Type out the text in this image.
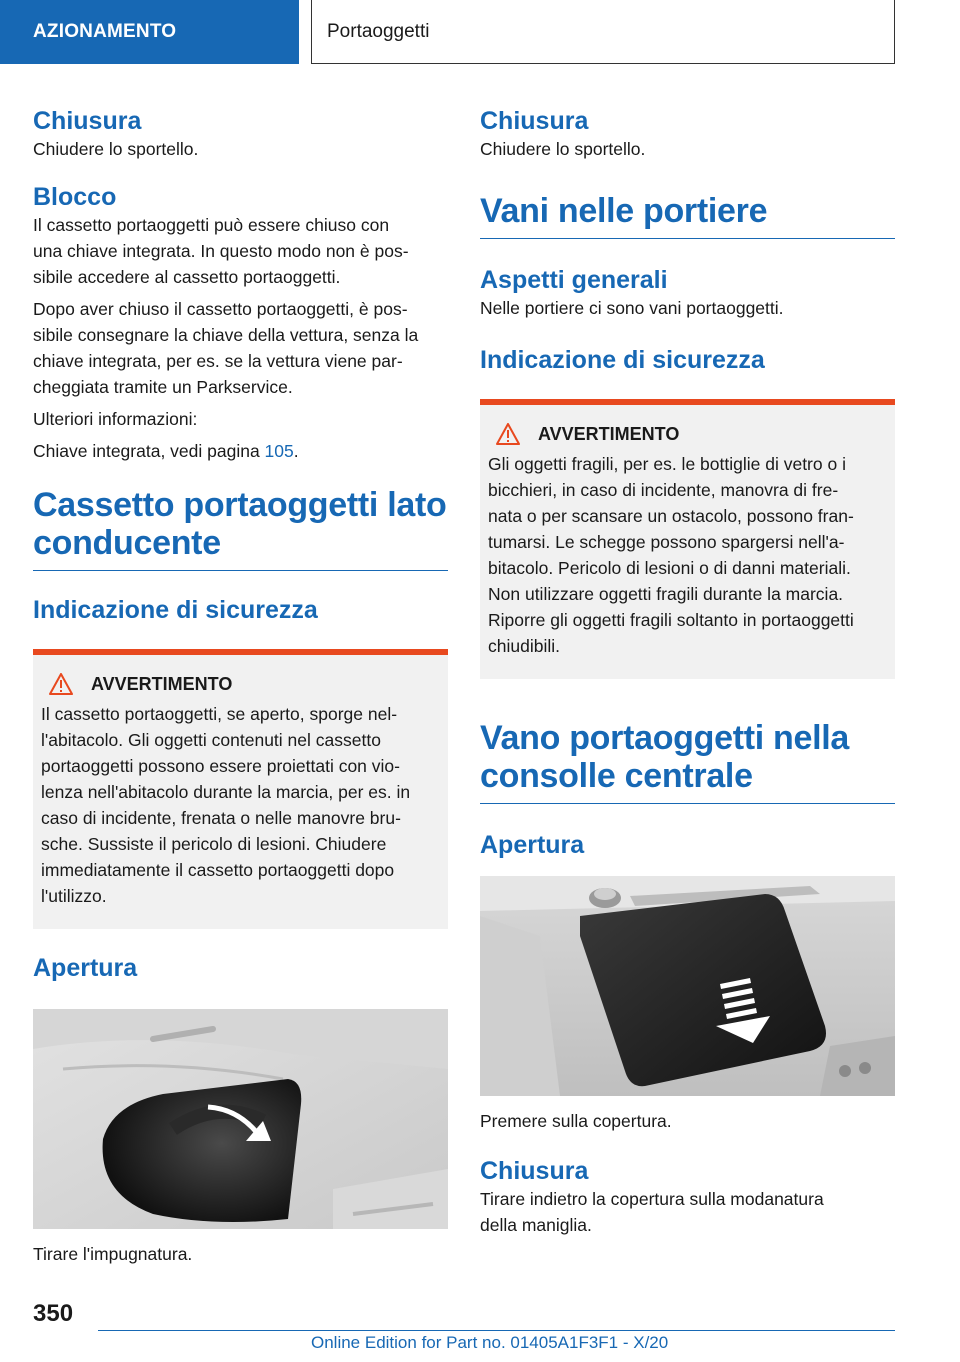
AZIONAMENTO	Portaoggetti
Chiusura

Chiudere lo sportello.

Blocco

Il cassetto portaoggetti può essere chiuso con
una chiave integrata. In questo modo non è pos-
sibile accedere al cassetto portaoggetti.

Dopo aver chiuso il cassetto portaoggetti, è pos-
sibile consegnare la chiave della vettura, senza la
chiave integrata, per es. se la vettura viene par-
cheggiata tramite un Parkservice.

Ulteriori informazioni:

Chiave integrata, vedi pagina 105.

Cassetto portaoggetti lato
conducente
Indicazione di sicurezza
AVVERTIMENTO

Il cassetto portaoggetti, se aperto, sporge nel-
l'abitacolo. Gli oggetti contenuti nel cassetto
portaoggetti possono essere proiettati con vio-
lenza nell'abitacolo durante la marcia, per es. in
caso di incidente, frenata o nelle manovre bru-
sche. Sussiste il pericolo di lesioni. Chiudere
immediatamente il cassetto portaoggetti dopo
l'utilizzo.

Apertura

Tirare l'impugnatura.

Chiusura

Chiudere lo sportello.

Vani nelle portiere
Aspetti generali

Nelle portiere ci sono vani portaoggetti.

Indicazione di sicurezza
AVVERTIMENTO

Gli oggetti fragili, per es. le bottiglie di vetro o i
bicchieri, in caso di incidente, manovra di fre-
nata o per scansare un ostacolo, possono fran-
tumarsi. Le schegge possono spargersi nell'a-
bitacolo. Pericolo di lesioni o di danni materiali.
Non utilizzare oggetti fragili durante la marcia.
Riporre gli oggetti fragili soltanto in portaoggetti
chiudibili.

Vano portaoggetti nella
consolle centrale
Apertura

Premere sulla copertura.

Chiusura

Tirare indietro la copertura sulla modanatura
della maniglia.

350
Online Edition for Part no. 01405A1F3F1 - X/20
